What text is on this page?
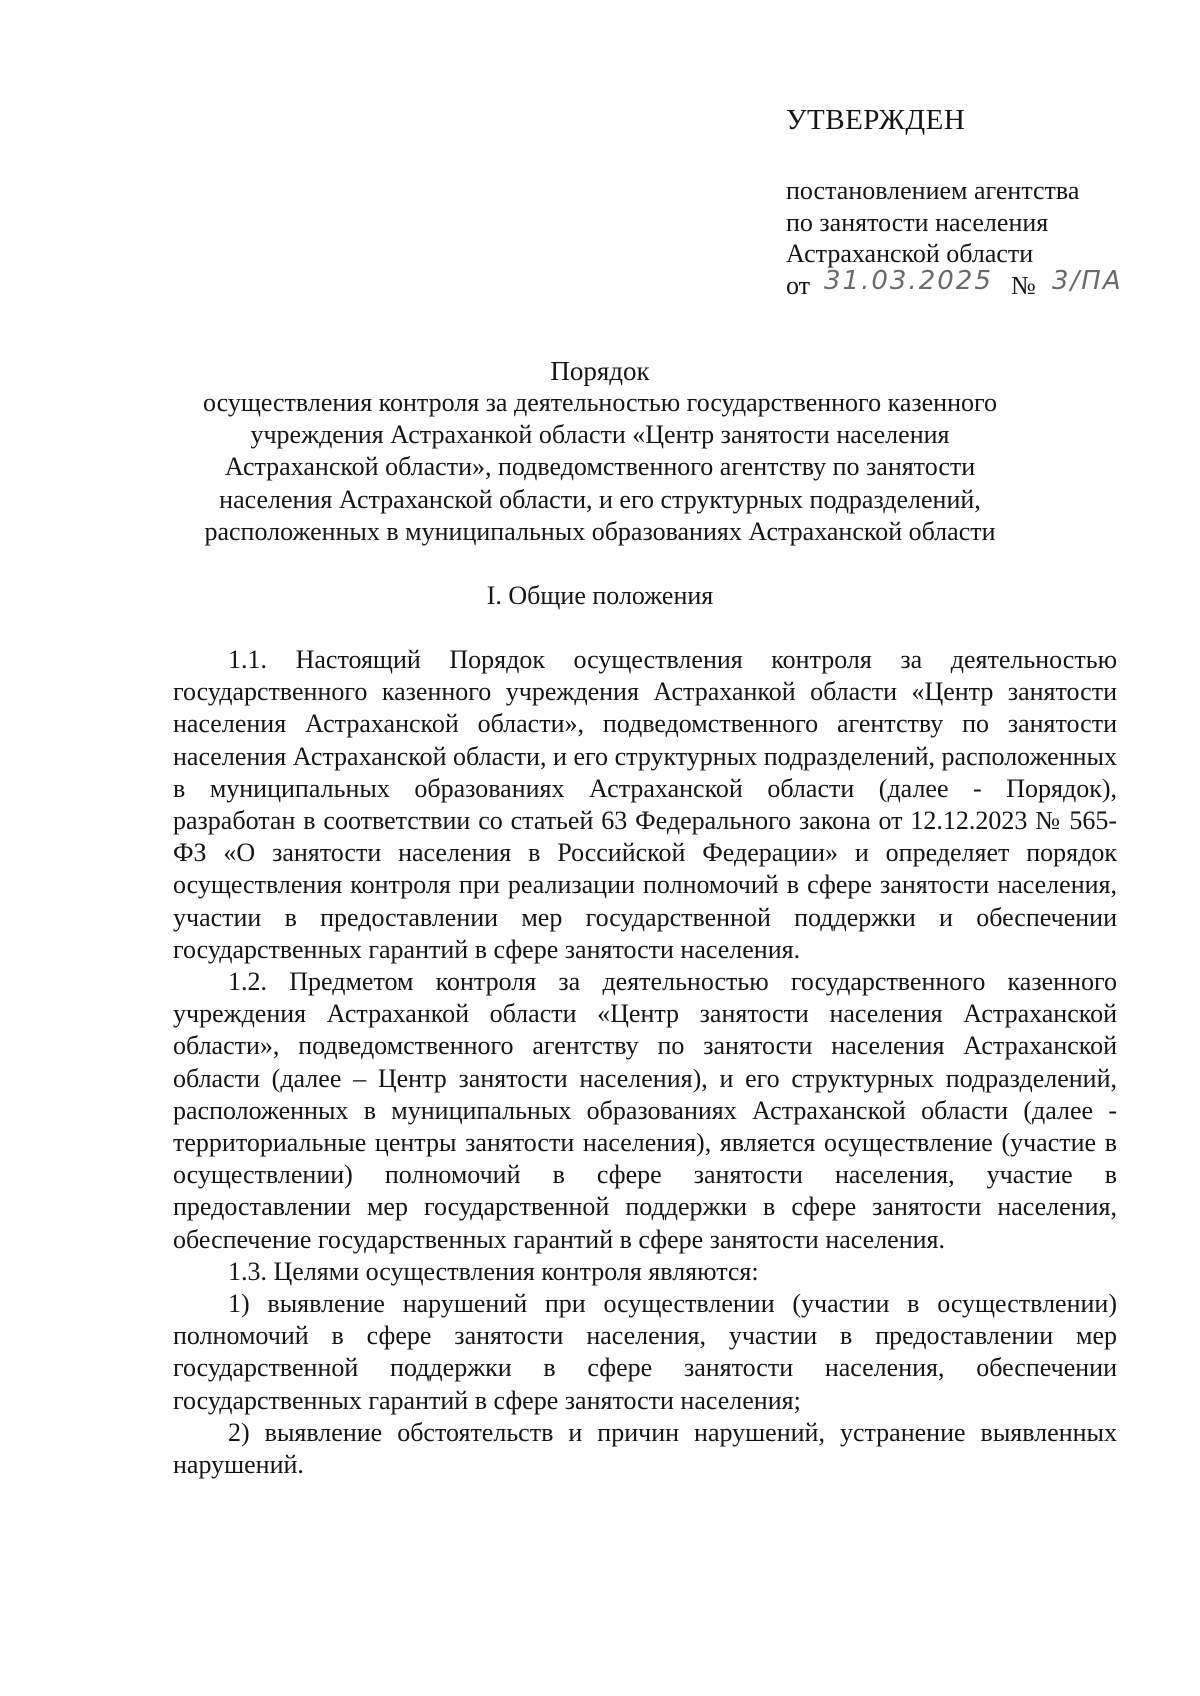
УТВЕРЖДЕН
постановлением агентства
по занятости населения
Астраханской области
от 31.03.2025 № 3/ПА
Порядок
осуществления контроля за деятельностью государственного казенного учреждения Астраханкой области «Центр занятости населения Астраханской области», подведомственного агентству по занятости населения Астраханской области, и его структурных подразделений, расположенных в муниципальных образованиях Астраханской области
I. Общие положения

1.1. Настоящий Порядок осуществления контроля за деятельностью государственного казенного учреждения Астраханкой области «Центр занятости населения Астраханской области», подведомственного агентству по занятости населения Астраханской области, и его структурных подразделений, расположенных в муниципальных образованиях Астраханской области (далее - Порядок), разработан в соответствии со статьей 63 Федерального закона от 12.12.2023 № 565-ФЗ «О занятости населения в Российской Федерации» и определяет порядок осуществления контроля при реализации полномочий в сфере занятости населения, участии в предоставлении мер государственной поддержки и обеспечении государственных гарантий в сфере занятости населения.

1.2. Предметом контроля за деятельностью государственного казенного учреждения Астраханкой области «Центр занятости населения Астраханской области», подведомственного агентству по занятости населения Астраханской области (далее – Центр занятости населения), и его структурных подразделений, расположенных в муниципальных образованиях Астраханской области (далее - территориальные центры занятости населения), является осуществление (участие в осуществлении) полномочий в сфере занятости населения, участие в предоставлении мер государственной поддержки в сфере занятости населения, обеспечение государственных гарантий в сфере занятости населения.

1.3. Целями осуществления контроля являются:

1) выявление нарушений при осуществлении (участии в осуществлении) полномочий в сфере занятости населения, участии в предоставлении мер государственной поддержки в сфере занятости населения, обеспечении государственных гарантий в сфере занятости населения;

2) выявление обстоятельств и причин нарушений, устранение выявленных нарушений.
